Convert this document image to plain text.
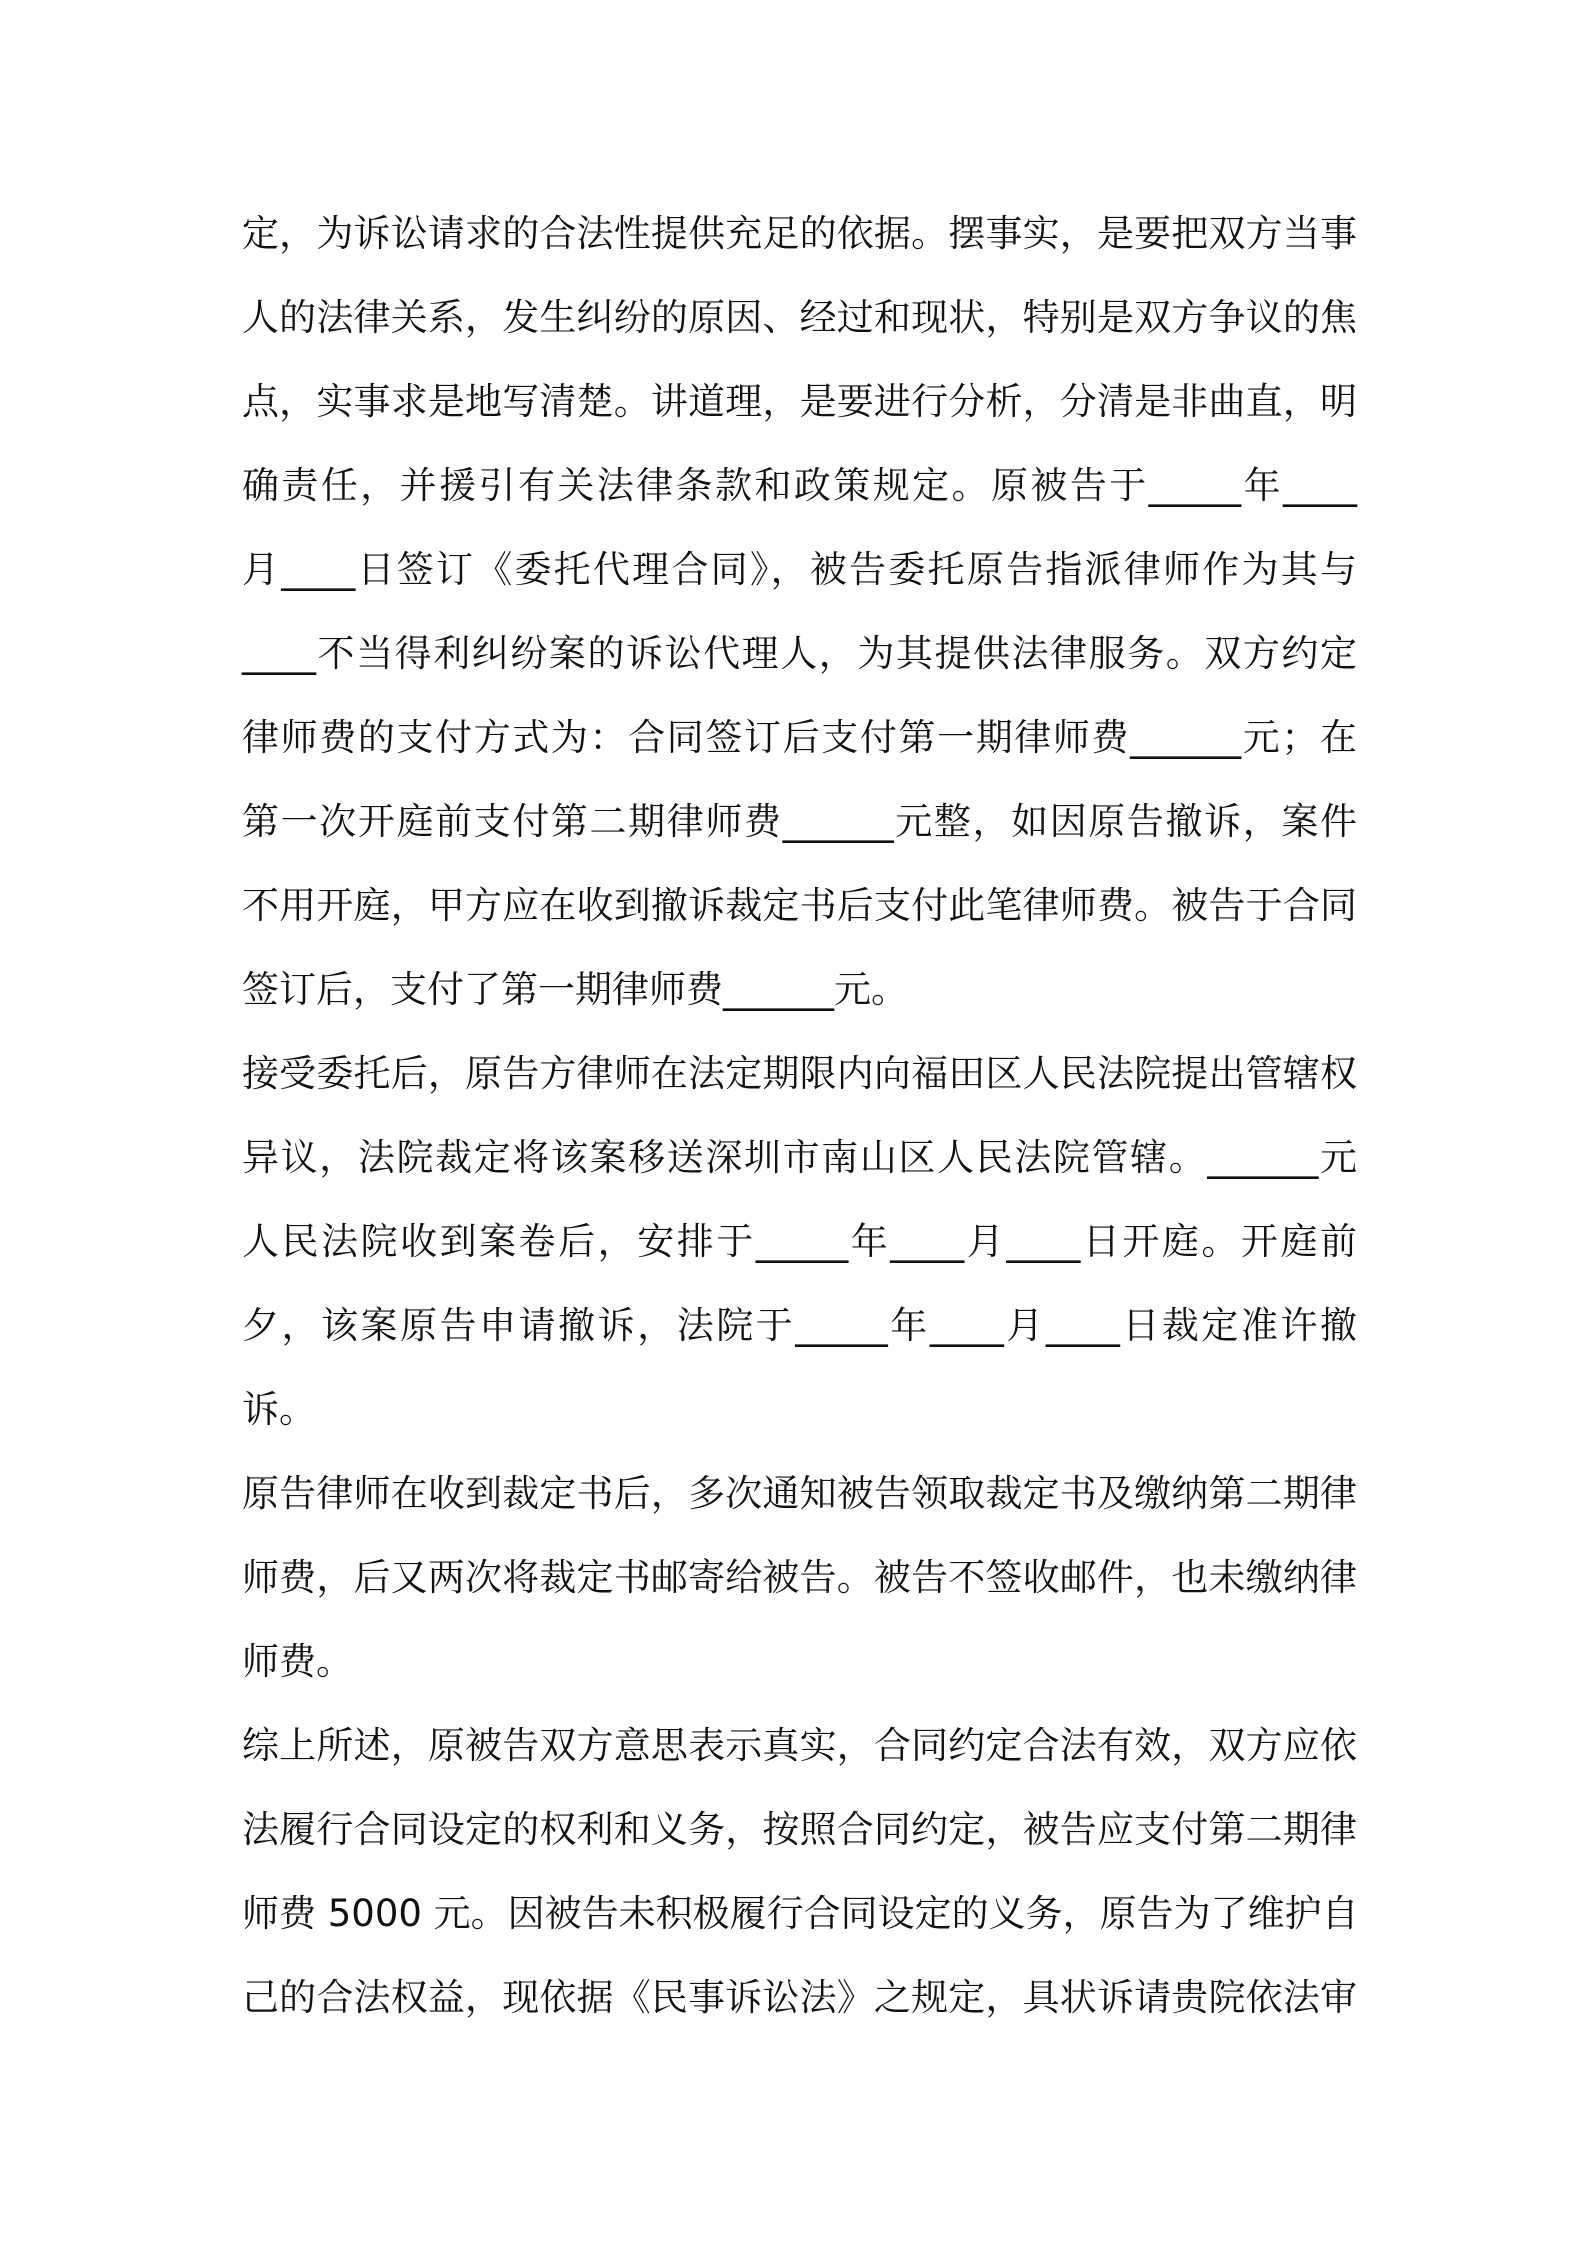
定，为诉讼请求的合法性提供充足的依据。摆事实，是要把双方当事
人的法律关系，发生纠纷的原因、经过和现状，特别是双方争议的焦
点，实事求是地写清楚。讲道理，是要进行分析，分清是非曲直，明
确责任，并援引有关法律条款和政策规定。原被告于_____年____
月____日签订《委托代理合同》，被告委托原告指派律师作为其与
____不当得利纠纷案的诉讼代理人，为其提供法律服务。双方约定
律师费的支付方式为：合同签订后支付第一期律师费______元；在
第一次开庭前支付第二期律师费______元整，如因原告撤诉，案件
不用开庭，甲方应在收到撤诉裁定书后支付此笔律师费。被告于合同
签订后，支付了第一期律师费______元。
接受委托后，原告方律师在法定期限内向福田区人民法院提出管辖权
异议，法院裁定将该案移送深圳市南山区人民法院管辖。______元
人民法院收到案卷后，安排于_____年____月____日开庭。开庭前
夕，该案原告申请撤诉，法院于_____年____月____日裁定准许撤
诉。
原告律师在收到裁定书后，多次通知被告领取裁定书及缴纳第二期律
师费，后又两次将裁定书邮寄给被告。被告不签收邮件，也未缴纳律
师费。
综上所述，原被告双方意思表示真实，合同约定合法有效，双方应依
法履行合同设定的权利和义务，按照合同约定，被告应支付第二期律
师费 5000 元。因被告未积极履行合同设定的义务，原告为了维护自
己的合法权益，现依据《民事诉讼法》之规定，具状诉请贵院依法审
